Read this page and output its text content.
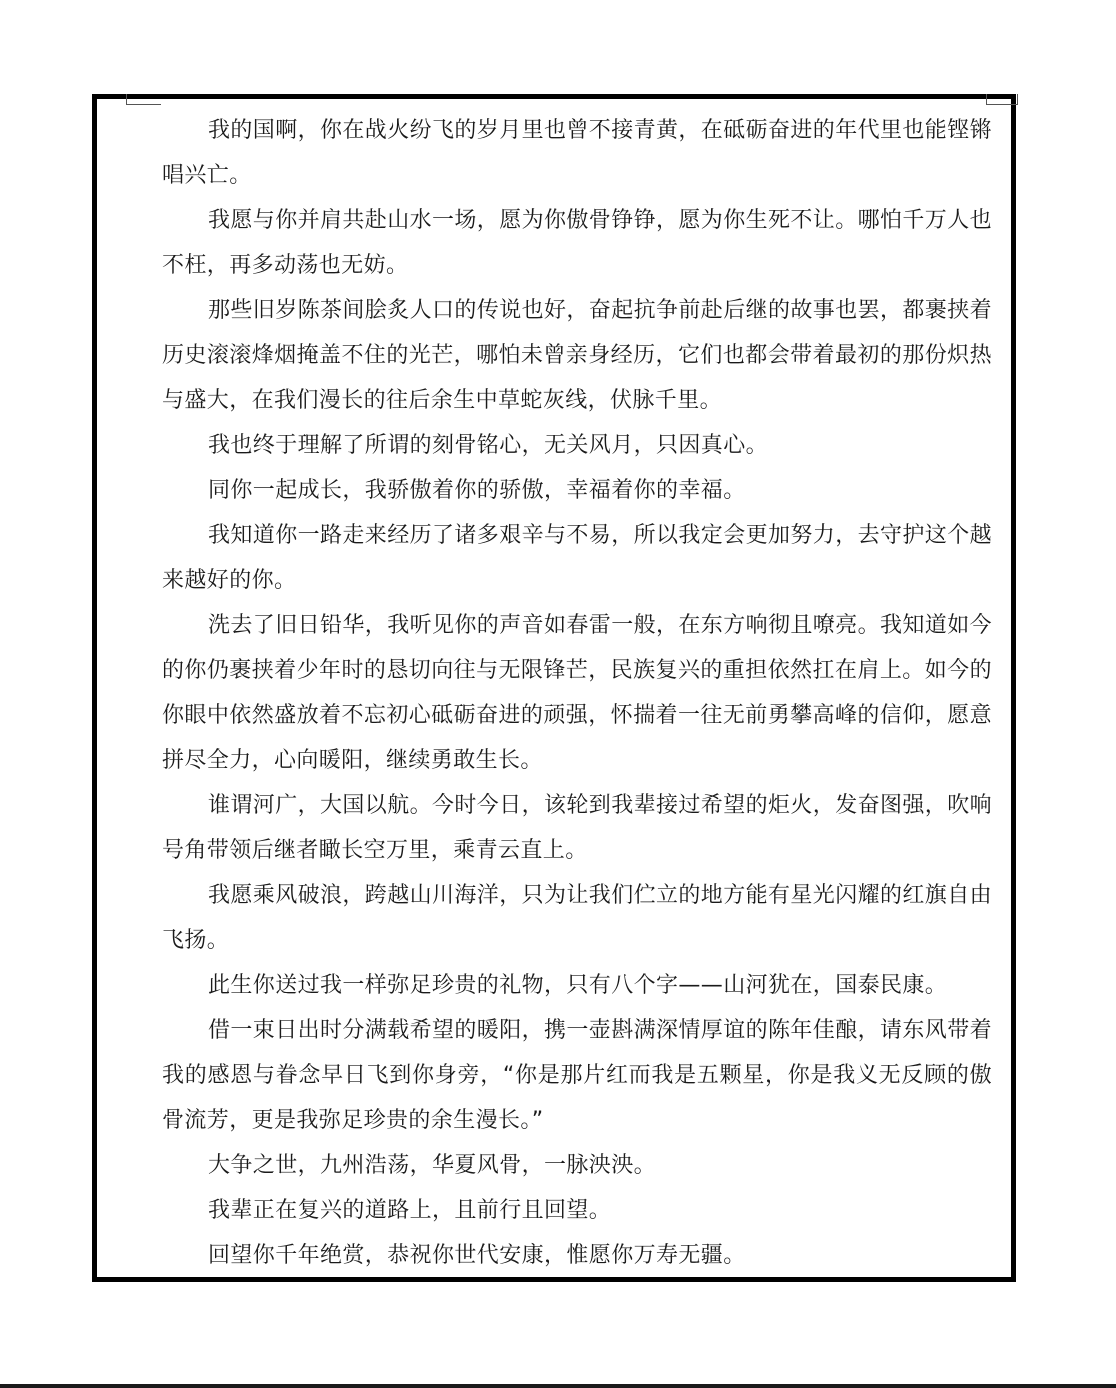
我的国啊，你在战火纷飞的岁月里也曾不接青黄，在砥砺奋进的年代里也能铿锵唱兴亡。

我愿与你并肩共赴山水一场，愿为你傲骨铮铮，愿为你生死不让。哪怕千万人也不枉，再多动荡也无妨。

那些旧岁陈茶间脍炙人口的传说也好，奋起抗争前赴后继的故事也罢，都裹挟着历史滚滚烽烟掩盖不住的光芒，哪怕未曾亲身经历，它们也都会带着最初的那份炽热与盛大，在我们漫长的往后余生中草蛇灰线，伏脉千里。

我也终于理解了所谓的刻骨铭心，无关风月，只因真心。

同你一起成长，我骄傲着你的骄傲，幸福着你的幸福。

我知道你一路走来经历了诸多艰辛与不易，所以我定会更加努力，去守护这个越来越好的你。

洗去了旧日铅华，我听见你的声音如春雷一般，在东方响彻且嘹亮。我知道如今的你仍裹挟着少年时的恳切向往与无限锋芒，民族复兴的重担依然扛在肩上。如今的你眼中依然盛放着不忘初心砥砺奋进的顽强，怀揣着一往无前勇攀高峰的信仰，愿意拼尽全力，心向暖阳，继续勇敢生长。

谁谓河广，大国以航。今时今日，该轮到我辈接过希望的炬火，发奋图强，吹响号角带领后继者瞰长空万里，乘青云直上。

我愿乘风破浪，跨越山川海洋，只为让我们伫立的地方能有星光闪耀的红旗自由飞扬。

此生你送过我一样弥足珍贵的礼物，只有八个字——山河犹在，国泰民康。

借一束日出时分满载希望的暖阳，携一壶斟满深情厚谊的陈年佳酿，请东风带着我的感恩与眷念早日飞到你身旁，“你是那片红而我是五颗星，你是我义无反顾的傲骨流芳，更是我弥足珍贵的余生漫长。”

大争之世，九州浩荡，华夏风骨，一脉泱泱。

我辈正在复兴的道路上，且前行且回望。

回望你千年绝赏，恭祝你世代安康，惟愿你万寿无疆。
